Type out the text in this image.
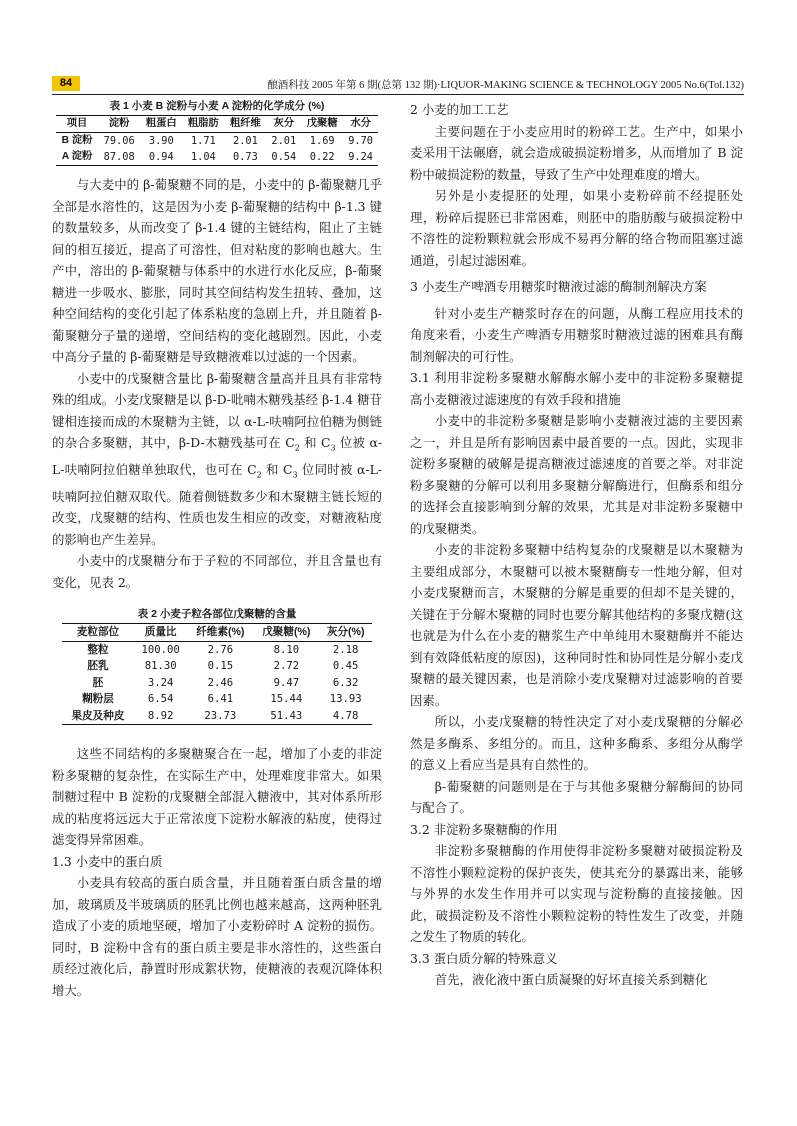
84	酿酒科技 2005 年第 6 期(总第 132 期)·LIQUOR-MAKING SCIENCE & TECHNOLOGY 2005 No.6(Tol.132)
表 1 小麦 B 淀粉与小麦 A 淀粉的化学成分 (%)
项目	淀粉	粗蛋白	粗脂肪	粗纤维	灰分	戊聚糖	水分
B 淀粉	79.06	3.90	1.71	2.01	2.01	1.69	9.70
A 淀粉	87.08	0.94	1.04	0.73	0.54	0.22	9.24

与大麦中的 β-葡聚糖不同的是，小麦中的 β-葡聚糖几乎全部是水溶性的，这是因为小麦 β-葡聚糖的结构中 β-1.3 键的数量较多，从而改变了 β-1.4 键的主链结构，阻止了主链间的相互接近，提高了可溶性，但对粘度的影响也越大。生产中，溶出的 β-葡聚糖与体系中的水进行水化反应，β-葡聚糖进一步吸水、膨胀，同时其空间结构发生扭转、叠加，这种空间结构的变化引起了体系粘度的急剧上升，并且随着 β-葡聚糖分子量的递增，空间结构的变化越剧烈。因此，小麦中高分子量的 β-葡聚糖是导致糖液难以过滤的一个因素。

小麦中的戊聚糖含量比 β-葡聚糖含量高并且具有非常特殊的组成。小麦戊聚糖是以 β-D-吡喃木糖残基经 β-1.4 糖苷键相连接而成的木聚糖为主链，以 α-L-呋喃阿拉伯糖为侧链的杂合多聚糖，其中，β-D-木糖残基可在 $C_2$ 和 $C_3$ 位被 α-L-呋喃阿拉伯糖单独取代，也可在 $C_2$ 和 $C_3$ 位同时被 α-L-呋喃阿拉伯糖双取代。随着侧链数多少和木聚糖主链长短的改变，戊聚糖的结构、性质也发生相应的改变，对糖液粘度的影响也产生差异。

小麦中的戊聚糖分布于子粒的不同部位，并且含量也有变化，见表 2。

表 2 小麦子粒各部位戊聚糖的含量
麦粒部位	质量比	纤维素(%)	戊聚糖(%)	灰分(%)
整粒	100.00	2.76	8.10	2.18
胚乳	81.30	0.15	2.72	0.45
胚	3.24	2.46	9.47	6.32
糊粉层	6.54	6.41	15.44	13.93
果皮及种皮	8.92	23.73	51.43	4.78

这些不同结构的多聚糖聚合在一起，增加了小麦的非淀粉多聚糖的复杂性，在实际生产中，处理难度非常大。如果制糖过程中 B 淀粉的戊聚糖全部混入糖液中，其对体系所形成的粘度将远远大于正常浓度下淀粉水解液的粘度，使得过滤变得异常困难。

1.3 小麦中的蛋白质

小麦具有较高的蛋白质含量，并且随着蛋白质含量的增加，玻璃质及半玻璃质的胚乳比例也越来越高，这两种胚乳造成了小麦的质地坚硬，增加了小麦粉碎时 A 淀粉的损伤。同时，B 淀粉中含有的蛋白质主要是非水溶性的，这些蛋白质经过液化后，静置时形成絮状物，使糖液的表观沉降体积增大。

2 小麦的加工工艺

主要问题在于小麦应用时的粉碎工艺。生产中，如果小麦采用干法碾磨，就会造成破损淀粉增多，从而增加了 B 淀粉中破损淀粉的数量，导致了生产中处理难度的增大。

另外是小麦提胚的处理，如果小麦粉碎前不经提胚处理，粉碎后提胚已非常困难，则胚中的脂肪酸与破损淀粉中不溶性的淀粉颗粒就会形成不易再分解的络合物而阻塞过滤通道，引起过滤困难。

3 小麦生产啤酒专用糖浆时糖液过滤的酶制剂解决方案

针对小麦生产糖浆时存在的问题，从酶工程应用技术的角度来看，小麦生产啤酒专用糖浆时糖液过滤的困难具有酶制剂解决的可行性。

3.1 利用非淀粉多聚糖水解酶水解小麦中的非淀粉多聚糖提高小麦糖液过滤速度的有效手段和措施

小麦中的非淀粉多聚糖是影响小麦糖液过滤的主要因素之一，并且是所有影响因素中最首要的一点。因此，实现非淀粉多聚糖的破解是提高糖液过滤速度的首要之举。对非淀粉多聚糖的分解可以利用多聚糖分解酶进行，但酶系和组分的选择会直接影响到分解的效果，尤其是对非淀粉多聚糖中的戊聚糖类。

小麦的非淀粉多聚糖中结构复杂的戊聚糖是以木聚糖为主要组成部分，木聚糖可以被木聚糖酶专一性地分解，但对小麦戊聚糖而言，木聚糖的分解是重要的但却不是关键的，关键在于分解木聚糖的同时也要分解其他结构的多聚戊糖(这也就是为什么在小麦的糖浆生产中单纯用木聚糖酶并不能达到有效降低粘度的原因)，这种同时性和协同性是分解小麦戊聚糖的最关键因素，也是消除小麦戊聚糖对过滤影响的首要因素。

所以，小麦戊聚糖的特性决定了对小麦戊聚糖的分解必然是多酶系、多组分的。而且，这种多酶系、多组分从酶学的意义上看应当是具有自然性的。

β-葡聚糖的问题则是在于与其他多聚糖分解酶间的协同与配合了。

3.2 非淀粉多聚糖酶的作用

非淀粉多聚糖酶的作用使得非淀粉多聚糖对破损淀粉及不溶性小颗粒淀粉的保护丧失，使其充分的暴露出来，能够与外界的水发生作用并可以实现与淀粉酶的直接接触。因此，破损淀粉及不溶性小颗粒淀粉的特性发生了改变，并随之发生了物质的转化。

3.3 蛋白质分解的特殊意义

首先，液化液中蛋白质凝聚的好坏直接关系到糖化
